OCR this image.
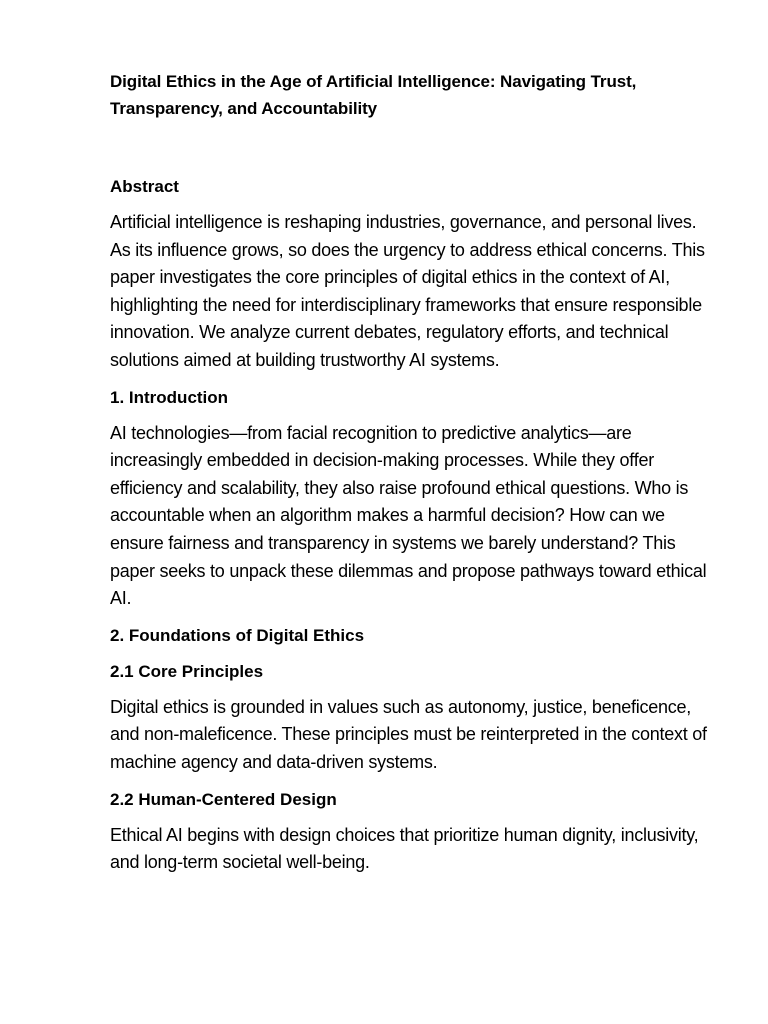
Digital Ethics in the Age of Artificial Intelligence: Navigating Trust, Transparency, and Accountability
Abstract

Artificial intelligence is reshaping industries, governance, and personal lives. As its influence grows, so does the urgency to address ethical concerns. This paper investigates the core principles of digital ethics in the context of AI, highlighting the need for interdisciplinary frameworks that ensure responsible innovation. We analyze current debates, regulatory efforts, and technical solutions aimed at building trustworthy AI systems.

1. Introduction

AI technologies—from facial recognition to predictive analytics—are increasingly embedded in decision-making processes. While they offer efficiency and scalability, they also raise profound ethical questions. Who is accountable when an algorithm makes a harmful decision? How can we ensure fairness and transparency in systems we barely understand? This paper seeks to unpack these dilemmas and propose pathways toward ethical AI.

2. Foundations of Digital Ethics
2.1 Core Principles

Digital ethics is grounded in values such as autonomy, justice, beneficence, and non-maleficence. These principles must be reinterpreted in the context of machine agency and data-driven systems.

2.2 Human-Centered Design

Ethical AI begins with design choices that prioritize human dignity, inclusivity, and long-term societal well-being.
